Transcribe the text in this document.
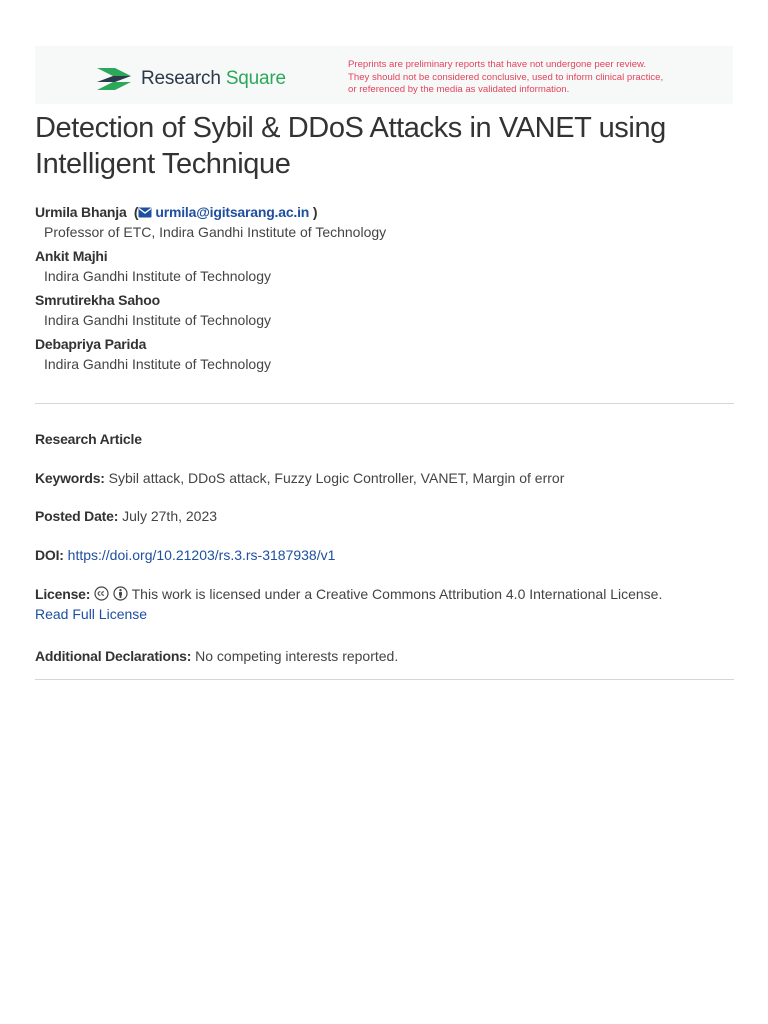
Research Square
Preprints are preliminary reports that have not undergone peer review.
They should not be considered conclusive, used to inform clinical practice,
or referenced by the media as validated information.
Detection of Sybil & DDoS Attacks in VANET using Intelligent Technique
Urmila Bhanja  ( urmila@igitsarang.ac.in )
Professor of ETC, Indira Gandhi Institute of Technology
Ankit Majhi
Indira Gandhi Institute of Technology
Smrutirekha Sahoo
Indira Gandhi Institute of Technology
Debapriya Parida
Indira Gandhi Institute of Technology
Research Article
Keywords: Sybil attack, DDoS attack, Fuzzy Logic Controller, VANET, Margin of error
Posted Date: July 27th, 2023
DOI: https://doi.org/10.21203/rs.3.rs-3187938/v1
License:	This work is licensed under a Creative Commons Attribution 4.0 International License.
Read Full License
Additional Declarations: No competing interests reported.
